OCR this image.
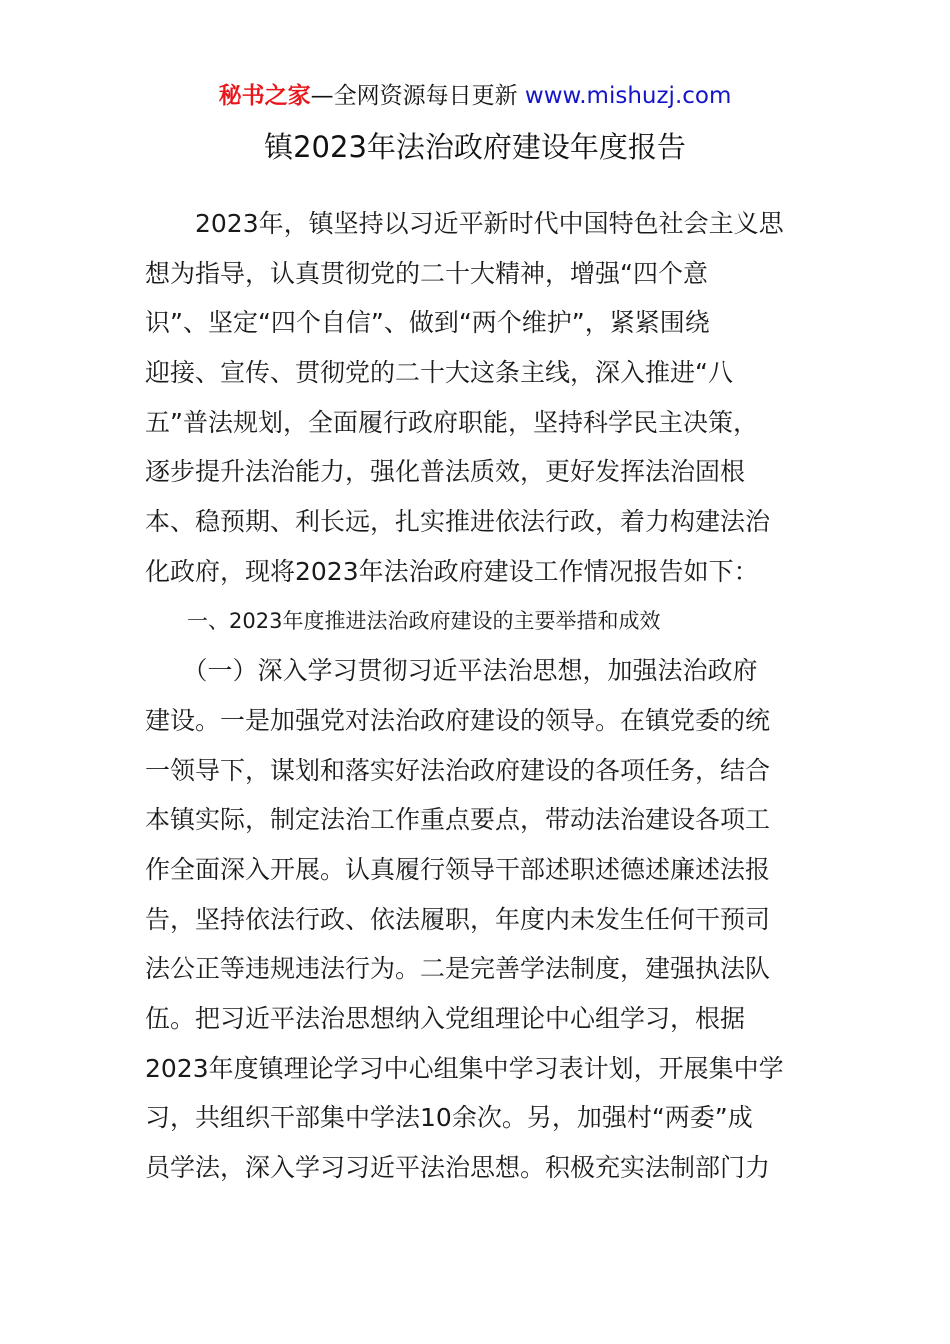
秘书之家—全网资源每日更新 www.mishuzj.com
镇2023年法治政府建设年度报告
　　2023年，镇坚持以习近平新时代中国特色社会主义思
想为指导，认真贯彻党的二十大精神，增强“四个意
识”、坚定“四个自信”、做到“两个维护”，紧紧围绕
迎接、宣传、贯彻党的二十大这条主线，深入推进“八
五”普法规划，全面履行政府职能，坚持科学民主决策，
逐步提升法治能力，强化普法质效，更好发挥法治固根
本、稳预期、利长远，扎实推进依法行政，着力构建法治
化政府，现将2023年法治政府建设工作情况报告如下：
　　一、2023年度推进法治政府建设的主要举措和成效
　　（一）深入学习贯彻习近平法治思想，加强法治政府
建设。一是加强党对法治政府建设的领导。在镇党委的统
一领导下，谋划和落实好法治政府建设的各项任务，结合
本镇实际，制定法治工作重点要点，带动法治建设各项工
作全面深入开展。认真履行领导干部述职述德述廉述法报
告，坚持依法行政、依法履职，年度内未发生任何干预司
法公正等违规违法行为。二是完善学法制度，建强执法队
伍。把习近平法治思想纳入党组理论中心组学习，根据
2023年度镇理论学习中心组集中学习表计划，开展集中学
习，共组织干部集中学法10余次。另，加强村“两委”成
员学法，深入学习习近平法治思想。积极充实法制部门力
